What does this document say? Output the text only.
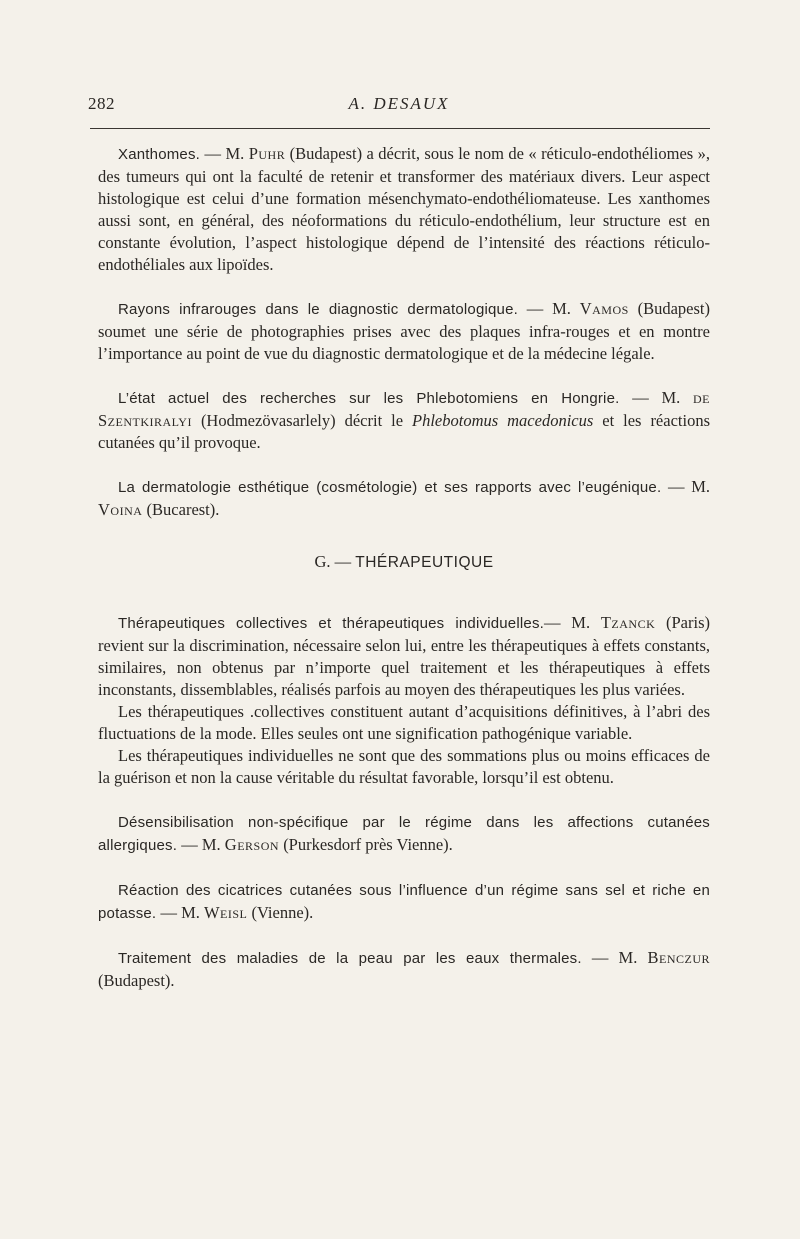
282	A. DESAUX

Xanthomes. — M. Puhr (Budapest) a décrit, sous le nom de « réticulo-endothéliomes », des tumeurs qui ont la faculté de retenir et transformer des matériaux divers. Leur aspect histologique est celui d’une formation mésenchymato-endothéliomateuse. Les xanthomes aussi sont, en général, des néoformations du réticulo-endothélium, leur structure est en constante évolution, l’aspect histologique dépend de l’intensité des réactions réticulo-endothéliales aux lipoïdes.

Rayons infrarouges dans le diagnostic dermatologique. — M. Vamos (Budapest) soumet une série de photographies prises avec des plaques infra-rouges et en montre l’importance au point de vue du diagnostic dermatologique et de la médecine légale.

L’état actuel des recherches sur les Phlebotomiens en Hongrie. — M. de Szentkiralyi (Hodmezövasarlely) décrit le Phlebotomus macedonicus et les réactions cutanées qu’il provoque.

La dermatologie esthétique (cosmétologie) et ses rapports avec l’eugénique. — M. Voina (Bucarest).

G. — THÉRAPEUTIQUE

Thérapeutiques collectives et thérapeutiques individuelles.— M. Tzanck (Paris) revient sur la discrimination, nécessaire selon lui, entre les thérapeutiques à effets constants, similaires, non obtenus par n’importe quel traitement et les thérapeutiques à effets inconstants, dissemblables, réalisés parfois au moyen des thérapeutiques les plus variées.

Les thérapeutiques .collectives constituent autant d’acquisitions définitives, à l’abri des fluctuations de la mode. Elles seules ont une signification pathogénique variable.

Les thérapeutiques individuelles ne sont que des sommations plus ou moins efficaces de la guérison et non la cause véritable du résultat favorable, lorsqu’il est obtenu.

Désensibilisation non-spécifique par le régime dans les affections cutanées allergiques. — M. Gerson (Purkesdorf près Vienne).

Réaction des cicatrices cutanées sous l’influence d’un régime sans sel et riche en potasse. — M. Weisl (Vienne).

Traitement des maladies de la peau par les eaux thermales. — M. Benczur (Budapest).
